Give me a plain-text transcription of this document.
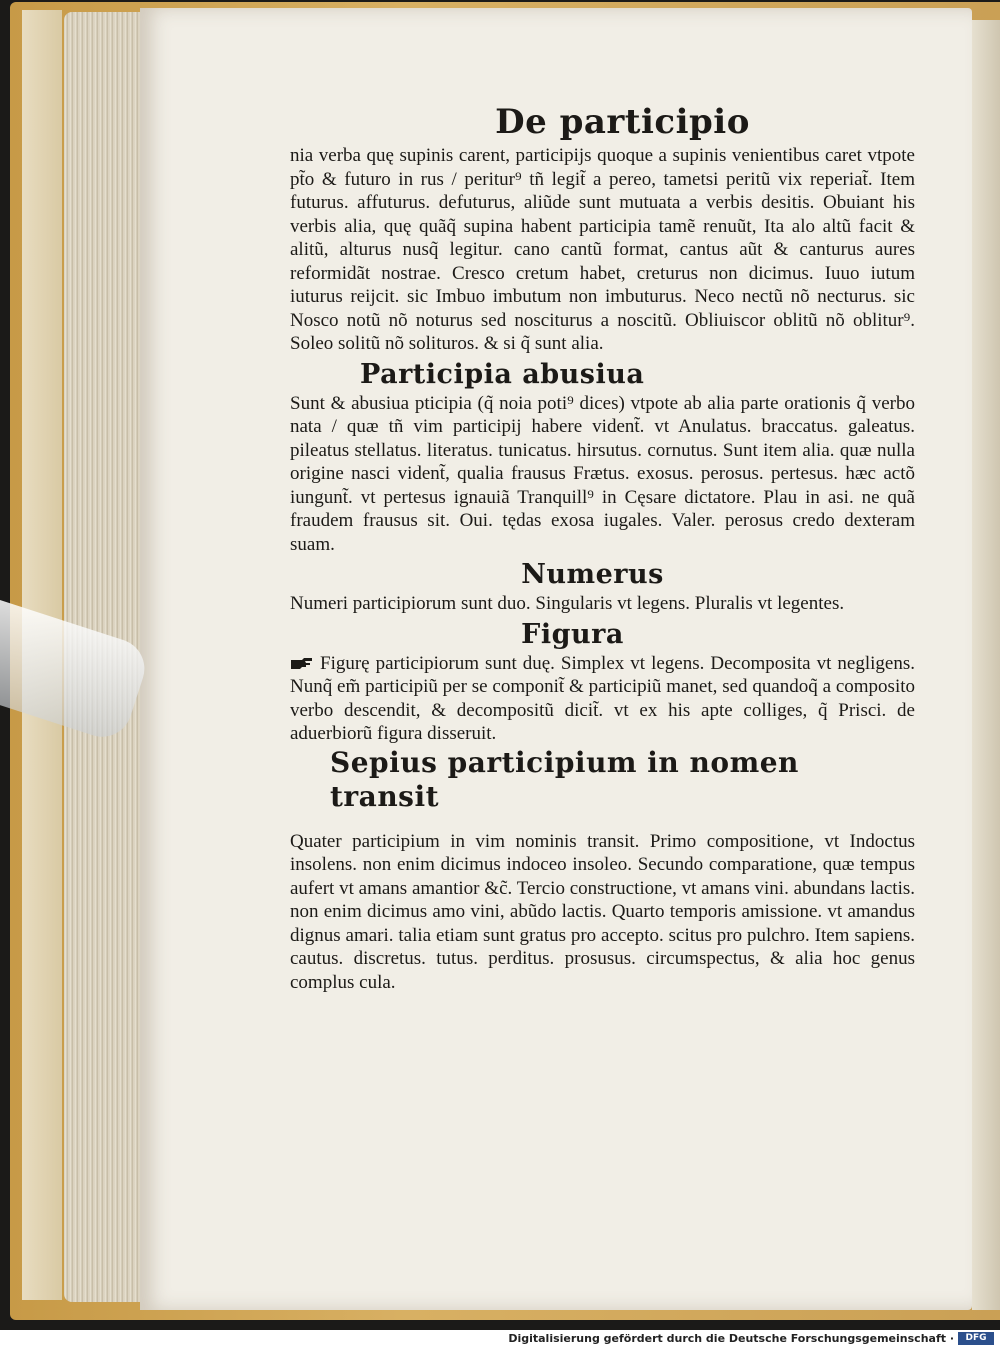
De participio

nia verba quę supinis carent, participijs quoque a supinis venientibus caret vtpote pt̃o & futuro in rus / peritur⁹ tñ legit̃ a pereo, tametsi peritũ vix reperiat̃. Item futurus. affuturus. defuturus, aliũde sunt mutuata a verbis desitis. Obuiant his verbis alia, quę quãq̃ supina habent participia tamẽ renuũt, Ita alo altũ facit & alitũ, alturus nusq̃ legitur. cano cantũ format, cantus aũt & canturus aures reformidãt nostrae. Cresco cretum habet, creturus non dicimus. Iuuo iutum iuturus reijcit. sic Imbuo imbutum non imbuturus. Neco nectũ nõ necturus. sic Nosco notũ nõ noturus sed nosciturus a noscitũ. Obliuiscor oblitũ nõ oblitur⁹. Soleo solitũ nõ solituros. & si q̃ sunt alia.

Participia abusiua

Sunt & abusiua pticipia (q̃ noia poti⁹ dices) vtpote ab alia parte orationis q̃ verbo nata / quæ tñ vim participij habere vident̃. vt Anulatus. braccatus. galeatus. pileatus stellatus. literatus. tunicatus. hirsutus. cornutus. Sunt item alia. quæ nulla origine nasci vident̃, qualia frausus Frætus. exosus. perosus. pertesus. hæc actõ iungunt̃. vt pertesus ignauiã Tranquill⁹ in Cęsare dictatore. Plau in asi. ne quã fraudem frausus sit. Oui. tędas exosa iugales. Valer. perosus credo dexteram suam.

Numerus

Numeri participiorum sunt duo. Singularis vt legens. Pluralis vt legentes.

Figura

Figurę participiorum sunt duę. Simplex vt legens. Decomposita vt negligens. Nunq̃ em̃ participiũ per se componit̃ & participiũ manet, sed quandoq̃ a composito verbo descendit, & decompositũ dicit̃. vt ex his apte colliges, q̃ Prisci. de aduerbiorũ figura disseruit.

Sepius participium in nomen transit

Quater participium in vim nominis transit. Primo compositione, vt Indoctus insolens. non enim dicimus indoceo insoleo. Secundo comparatione, quæ tempus aufert vt amans amantior &c̃. Tercio constructione, vt amans vini. abundans lactis. non enim dicimus amo vini, abũdo lactis. Quarto temporis amissione. vt amandus dignus amari. talia etiam sunt gratus pro accepto. scitus pro pulchro. Item sapiens. cautus. discretus. tutus. perditus. prosusus. circumspectus, & alia hoc genus complus cula.

Digitalisierung gefördert durch die Deutsche Forschungsgemeinschaft ·	DFG
